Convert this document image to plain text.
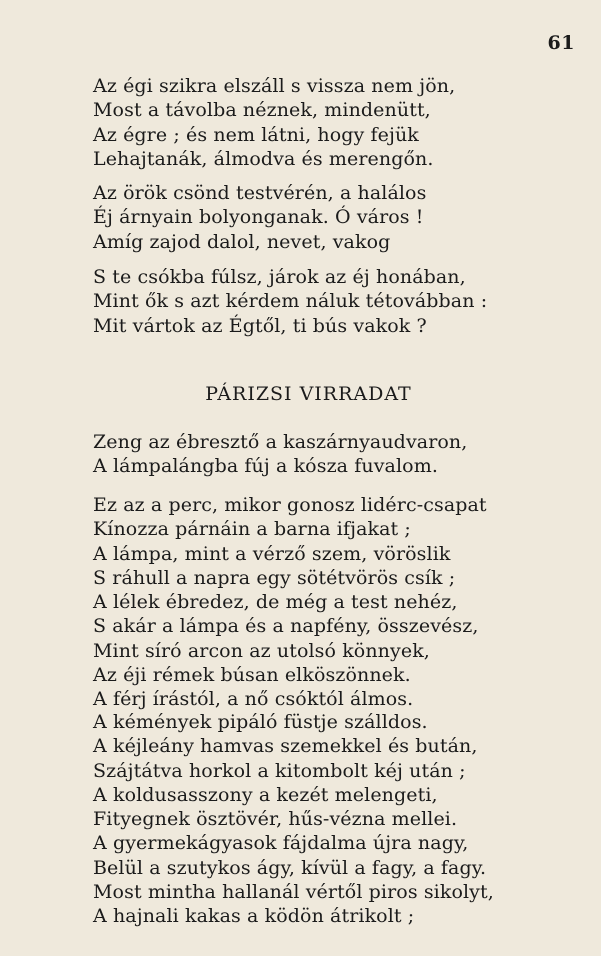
61
Az égi szikra elszáll s vissza nem jön,
Most a távolba néznek, mindenütt,
Az égre ; és nem látni, hogy fejük
Lehajtanák, álmodva és merengőn.
Az örök csönd testvérén, a halálos
Éj árnyain bolyonganak. Ó város !
Amíg zajod dalol, nevet, vakog
S te csókba fúlsz, járok az éj honában,
Mint ők s azt kérdem náluk tétovábban :
Mit vártok az Égtől, ti bús vakok ?
PÁRIZSI VIRRADAT
Zeng az ébresztő a kaszárnyaudvaron,
A lámpalángba fúj a kósza fuvalom.
Ez az a perc, mikor gonosz lidérc-csapat
Kínozza párnáin a barna ifjakat ;
A lámpa, mint a vérző szem, vöröslik
S ráhull a napra egy sötétvörös csík ;
A lélek ébredez, de még a test nehéz,
S akár a lámpa és a napfény, összevész,
Mint síró arcon az utolsó könnyek,
Az éji rémek búsan elköszönnek.
A férj írástól, a nő csóktól álmos.
A kémények pipáló füstje szálldos.
A kéjleány hamvas szemekkel és bután,
Szájtátva horkol a kitombolt kéj után ;
A koldusasszony a kezét melengeti,
Fityegnek ösztövér, hűs-vézna mellei.
A gyermekágyasok fájdalma újra nagy,
Belül a szutykos ágy, kívül a fagy, a fagy.
Most mintha hallanál vértől piros sikolyt,
A hajnali kakas a ködön átrikolt ;
